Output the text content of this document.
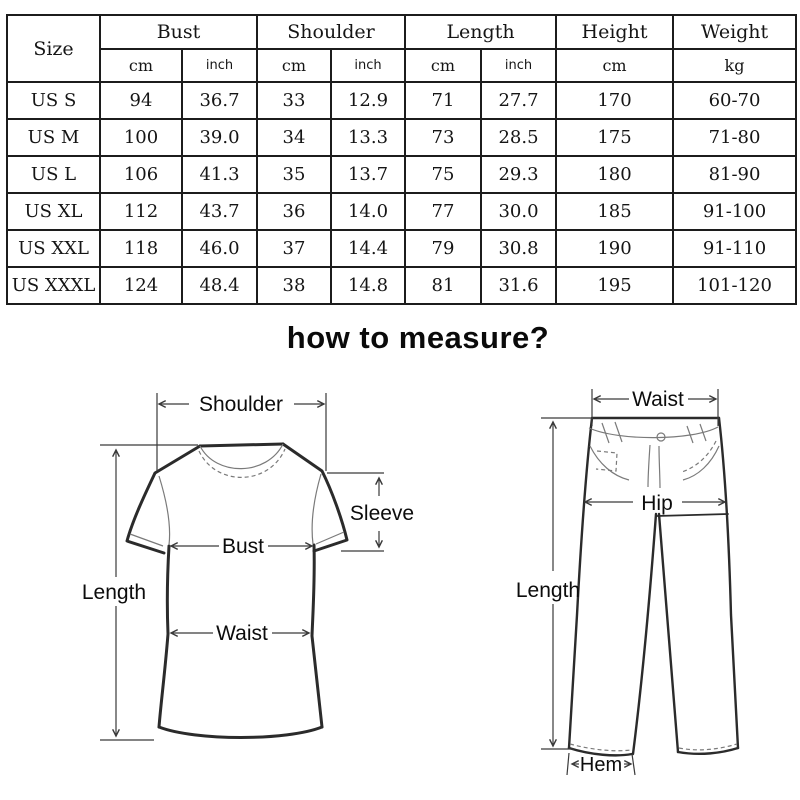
Size	Bust		Shoulder		Length		Height	Weight
	cm	inch	cm	inch	cm	inch	cm	kg
US S	94	36.7	33	12.9	71	27.7	170	60-70
US M	100	39.0	34	13.3	73	28.5	175	71-80
US L	106	41.3	35	13.7	75	29.3	180	81-90
US XL	112	43.7	36	14.0	77	30.0	185	91-100
US XXL	118	46.0	37	14.4	79	30.8	190	91-110
US XXXL	124	48.4	38	14.8	81	31.6	195	101-120
how to measure?
Shoulder
Length
Sleeve
Bust
Waist
Waist
Hip
Length
Hem
